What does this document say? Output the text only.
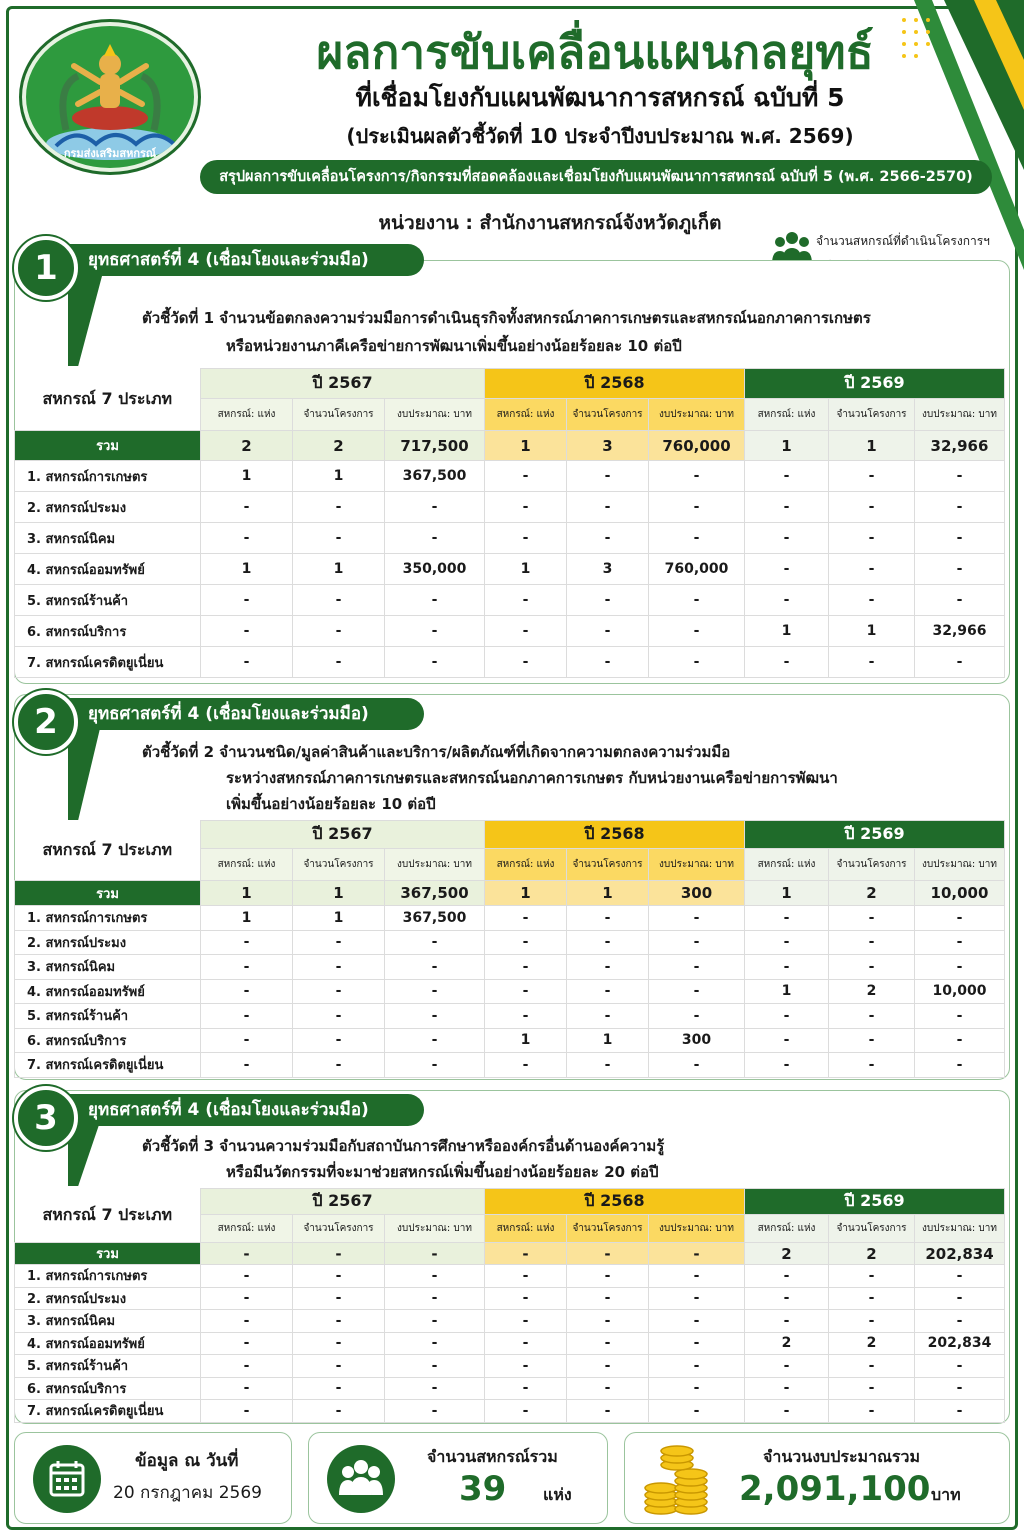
กรมส่งเสริมสหกรณ์
ผลการขับเคลื่อนแผนกลยุทธ์
ที่เชื่อมโยงกับแผนพัฒนาการสหกรณ์ ฉบับที่ 5
(ประเมินผลตัวชี้วัดที่ 10 ประจำปีงบประมาณ พ.ศ. 2569)
สรุปผลการขับเคลื่อนโครงการ/กิจกรรมที่สอดคล้องและเชื่อมโยงกับแผนพัฒนาการสหกรณ์ ฉบับที่ 5 (พ.ศ. 2566-2570)
หน่วยงาน : สำนักงานสหกรณ์จังหวัดภูเก็ต
จำนวนสหกรณ์ที่ดำเนินโครงการฯ
1	ยุทธศาสตร์ที่ 4 (เชื่อมโยงและร่วมมือ)
ตัวชี้วัดที่ 1 จำนวนข้อตกลงความร่วมมือการดำเนินธุรกิจทั้งสหกรณ์ภาคการเกษตรและสหกรณ์นอกภาคการเกษตร
หรือหน่วยงานภาคีเครือข่ายการพัฒนาเพิ่มขึ้นอย่างน้อยร้อยละ 10 ต่อปี
สหกรณ์ 7 ประเภท	ปี 2567			ปี 2568			ปี 2569		
	สหกรณ์: แห่ง	จำนวนโครงการ	งบประมาณ: บาท	สหกรณ์: แห่ง	จำนวนโครงการ	งบประมาณ: บาท	สหกรณ์: แห่ง	จำนวนโครงการ	งบประมาณ: บาท
รวม	2	2	717,500	1	3	760,000	1	1	32,966
1. สหกรณ์การเกษตร	1	1	367,500	-	-	-	-	-	-
2. สหกรณ์ประมง	-	-	-	-	-	-	-	-	-
3. สหกรณ์นิคม	-	-	-	-	-	-	-	-	-
4. สหกรณ์ออมทรัพย์	1	1	350,000	1	3	760,000	-	-	-
5. สหกรณ์ร้านค้า	-	-	-	-	-	-	-	-	-
6. สหกรณ์บริการ	-	-	-	-	-	-	1	1	32,966
7. สหกรณ์เครดิตยูเนี่ยน	-	-	-	-	-	-	-	-	-
2	ยุทธศาสตร์ที่ 4 (เชื่อมโยงและร่วมมือ)
ตัวชี้วัดที่ 2 จำนวนชนิด/มูลค่าสินค้าและบริการ/ผลิตภัณฑ์ที่เกิดจากความตกลงความร่วมมือ
ระหว่างสหกรณ์ภาคการเกษตรและสหกรณ์นอกภาคการเกษตร กับหน่วยงานเครือข่ายการพัฒนา
เพิ่มขึ้นอย่างน้อยร้อยละ 10 ต่อปี
สหกรณ์ 7 ประเภท	ปี 2567			ปี 2568			ปี 2569		
	สหกรณ์: แห่ง	จำนวนโครงการ	งบประมาณ: บาท	สหกรณ์: แห่ง	จำนวนโครงการ	งบประมาณ: บาท	สหกรณ์: แห่ง	จำนวนโครงการ	งบประมาณ: บาท
รวม	1	1	367,500	1	1	300	1	2	10,000
1. สหกรณ์การเกษตร	1	1	367,500	-	-	-	-	-	-
2. สหกรณ์ประมง	-	-	-	-	-	-	-	-	-
3. สหกรณ์นิคม	-	-	-	-	-	-	-	-	-
4. สหกรณ์ออมทรัพย์	-	-	-	-	-	-	1	2	10,000
5. สหกรณ์ร้านค้า	-	-	-	-	-	-	-	-	-
6. สหกรณ์บริการ	-	-	-	1	1	300	-	-	-
7. สหกรณ์เครดิตยูเนี่ยน	-	-	-	-	-	-	-	-	-
3	ยุทธศาสตร์ที่ 4 (เชื่อมโยงและร่วมมือ)
ตัวชี้วัดที่ 3 จำนวนความร่วมมือกับสถาบันการศึกษาหรือองค์กรอื่นด้านองค์ความรู้
หรือมีนวัตกรรมที่จะมาช่วยสหกรณ์เพิ่มขึ้นอย่างน้อยร้อยละ 20 ต่อปี
สหกรณ์ 7 ประเภท	ปี 2567			ปี 2568			ปี 2569		
	สหกรณ์: แห่ง	จำนวนโครงการ	งบประมาณ: บาท	สหกรณ์: แห่ง	จำนวนโครงการ	งบประมาณ: บาท	สหกรณ์: แห่ง	จำนวนโครงการ	งบประมาณ: บาท
รวม	-	-	-	-	-	-	2	2	202,834
1. สหกรณ์การเกษตร	-	-	-	-	-	-	-	-	-
2. สหกรณ์ประมง	-	-	-	-	-	-	-	-	-
3. สหกรณ์นิคม	-	-	-	-	-	-	-	-	-
4. สหกรณ์ออมทรัพย์	-	-	-	-	-	-	2	2	202,834
5. สหกรณ์ร้านค้า	-	-	-	-	-	-	-	-	-
6. สหกรณ์บริการ	-	-	-	-	-	-	-	-	-
7. สหกรณ์เครดิตยูเนี่ยน	-	-	-	-	-	-	-	-	-
ข้อมูล ณ วันที่
20 กรกฎาคม 2569
จำนวนสหกรณ์รวม
39 แห่ง
จำนวนงบประมาณรวม
2,091,100 บาท
